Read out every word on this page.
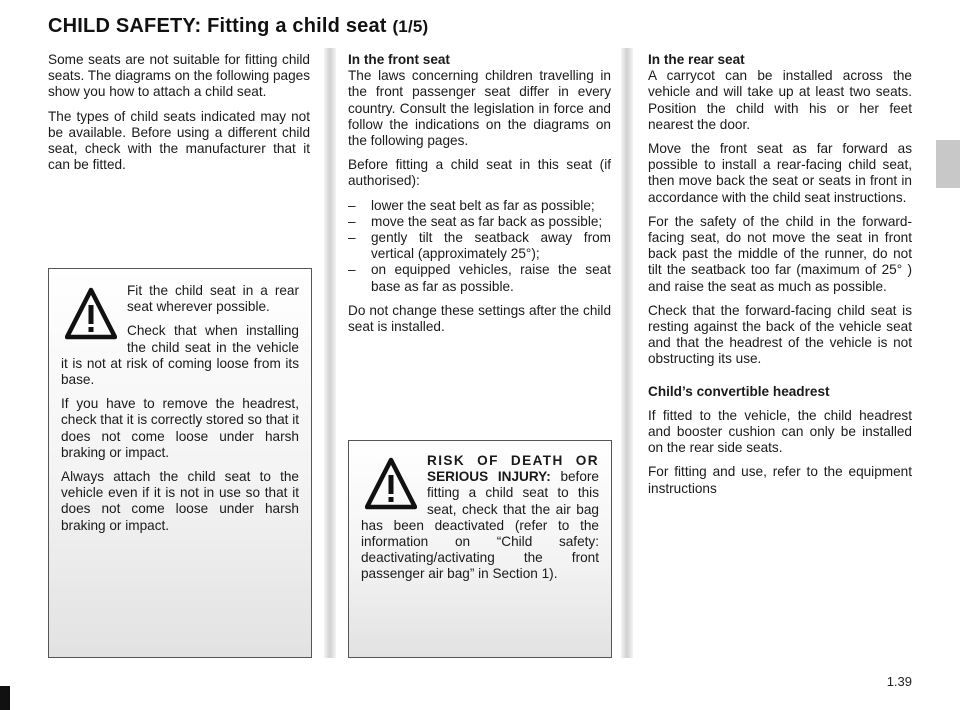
CHILD SAFETY: Fitting a child seat (1/5)

Some seats are not suitable for fitting child seats. The diagrams on the following pages show you how to attach a child seat.

The types of child seats indicated may not be available. Before using a different child seat, check with the manufacturer that it can be fitted.

Fit the child seat in a rear seat wherever possible.

Check that when installing the child seat in the vehicle it is not at risk of coming loose from its base.

If you have to remove the headrest, check that it is correctly stored so that it does not come loose under harsh braking or impact.

Always attach the child seat to the vehicle even if it is not in use so that it does not come loose under harsh braking or impact.

In the front seat

The laws concerning children travelling in the front passenger seat differ in every country. Consult the legislation in force and follow the indications on the diagrams on the following pages.

Before fitting a child seat in this seat (if authorised):

– lower the seat belt as far as possible;
– move the seat as far back as possible;
– gently tilt the seatback away from vertical (approximately 25°);
– on equipped vehicles, raise the seat base as far as possible.

Do not change these settings after the child seat is installed.

RISK OF DEATH OR SERIOUS INJURY: before fitting a child seat to this seat, check that the air bag has been deactivated (refer to the information on “Child safety: deactivating/activating the front passenger air bag” in Section 1).

In the rear seat

A carrycot can be installed across the vehicle and will take up at least two seats. Position the child with his or her feet nearest the door.

Move the front seat as far forward as possible to install a rear-facing child seat, then move back the seat or seats in front in accordance with the child seat instructions.

For the safety of the child in the forward-facing seat, do not move the seat in front back past the middle of the runner, do not tilt the seatback too far (maximum of 25° ) and raise the seat as much as possible.

Check that the forward-facing child seat is resting against the back of the vehicle seat and that the headrest of the vehicle is not obstructing its use.

Child’s convertible headrest

If fitted to the vehicle, the child headrest and booster cushion can only be installed on the rear side seats.

For fitting and use, refer to the equipment instructions

1.39
